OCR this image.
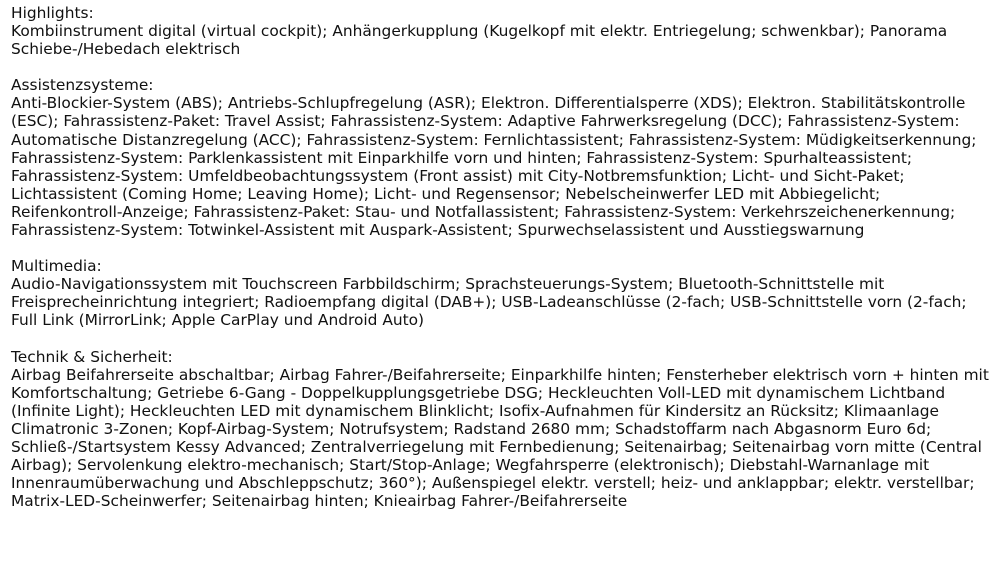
Highlights:
Kombiinstrument digital (virtual cockpit); Anhängerkupplung (Kugelkopf mit elektr. Entriegelung; schwenkbar); Panorama Schiebe-/Hebedach elektrisch
Assistenzsysteme:
Anti-Blockier-System (ABS); Antriebs-Schlupfregelung (ASR); Elektron. Differentialsperre (XDS); Elektron. Stabilitätskontrolle (ESC); Fahrassistenz-Paket: Travel Assist; Fahrassistenz-System: Adaptive Fahrwerksregelung (DCC); Fahrassistenz-System: Automatische Distanzregelung (ACC); Fahrassistenz-System: Fernlichtassistent; Fahrassistenz-System: Müdigkeitserkennung; Fahrassistenz-System: Parklenkassistent mit Einparkhilfe vorn und hinten; Fahrassistenz-System: Spurhalteassistent; Fahrassistenz-System: Umfeldbeobachtungssystem (Front assist) mit City-Notbremsfunktion; Licht- und Sicht-Paket; Lichtassistent (Coming Home; Leaving Home); Licht- und Regensensor; Nebelscheinwerfer LED mit Abbiegelicht; Reifenkontroll-Anzeige; Fahrassistenz-Paket: Stau- und Notfallassistent; Fahrassistenz-System: Verkehrszeichenerkennung; Fahrassistenz-System: Totwinkel-Assistent mit Auspark-Assistent; Spurwechselassistent und Ausstiegswarnung
Multimedia:
Audio-Navigationssystem mit Touchscreen Farbbildschirm; Sprachsteuerungs-System; Bluetooth-Schnittstelle mit Freisprecheinrichtung integriert; Radioempfang digital (DAB+); USB-Ladeanschlüsse (2-fach; USB-Schnittstelle vorn (2-fach; Full Link (MirrorLink; Apple CarPlay und Android Auto)
Technik & Sicherheit:
Airbag Beifahrerseite abschaltbar; Airbag Fahrer-/Beifahrerseite; Einparkhilfe hinten; Fensterheber elektrisch vorn + hinten mit Komfortschaltung; Getriebe 6-Gang - Doppelkupplungsgetriebe DSG; Heckleuchten Voll-LED mit dynamischem Lichtband (Infinite Light); Heckleuchten LED mit dynamischem Blinklicht; Isofix-Aufnahmen für Kindersitz an Rücksitz; Klimaanlage Climatronic 3-Zonen; Kopf-Airbag-System; Notrufsystem; Radstand 2680 mm; Schadstoffarm nach Abgasnorm Euro 6d; Schließ-/Startsystem Kessy Advanced; Zentralverriegelung mit Fernbedienung; Seitenairbag; Seitenairbag vorn mitte (Central Airbag); Servolenkung elektro-mechanisch; Start/Stop-Anlage; Wegfahrsperre (elektronisch); Diebstahl-Warnanlage mit Innenraumüberwachung und Abschleppschutz; 360°); Außenspiegel elektr. verstell; heiz- und anklappbar; elektr. verstellbar; Matrix-LED-Scheinwerfer; Seitenairbag hinten; Knieairbag Fahrer-/Beifahrerseite
